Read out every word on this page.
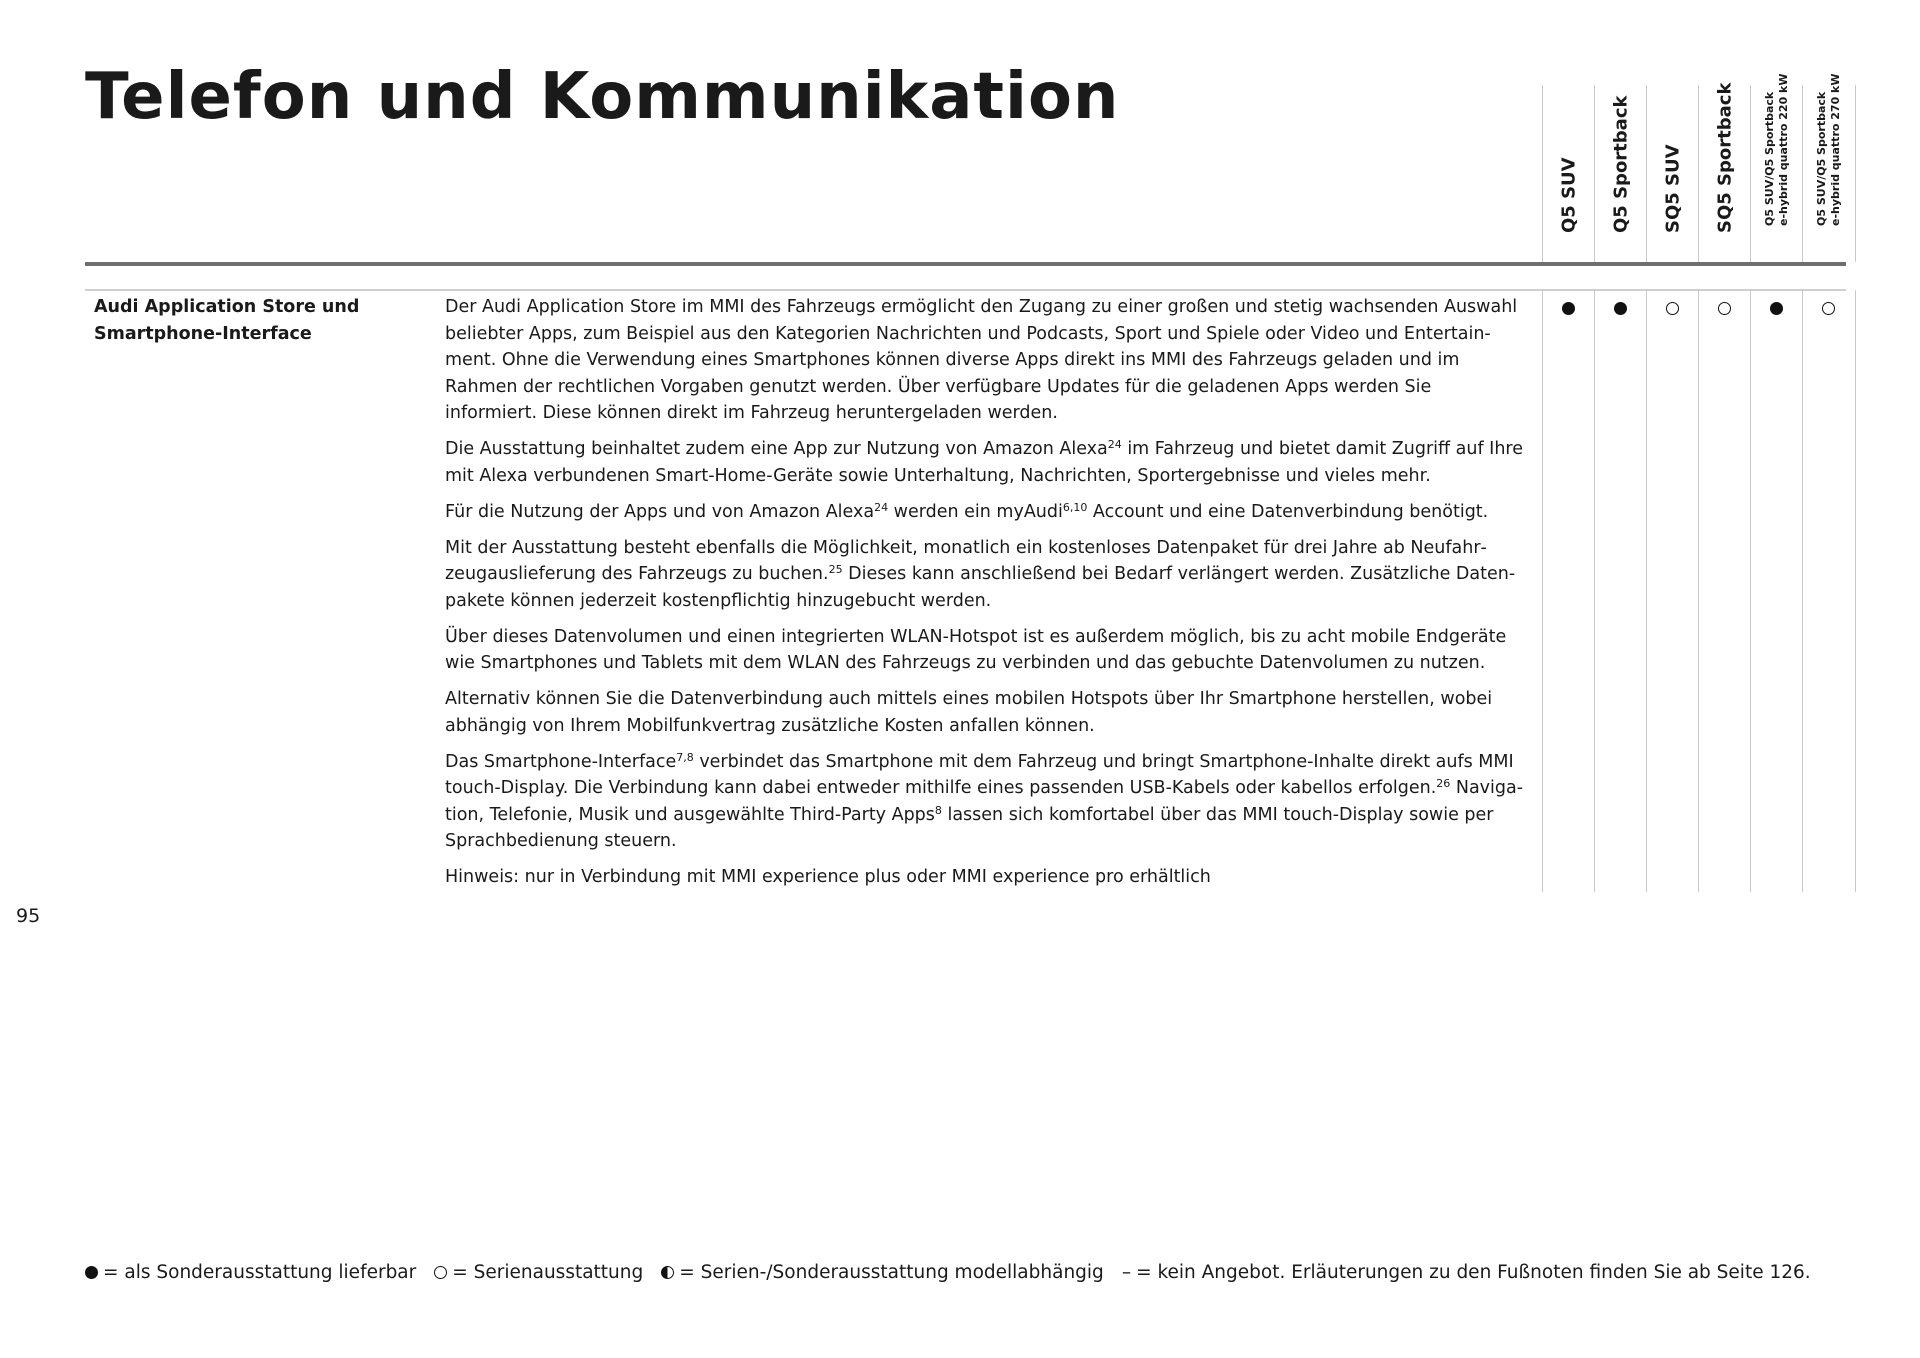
Telefon und Kommunikation
Q5 SUV Q5 Sportback SQ5 SUV SQ5 Sportback	Q5 SUV/Q5 Sportback
e-hybrid quattro 220 kW
Q5 SUV/Q5 Sportback
e-hybrid quattro 270 kW
Audi Application Store und Smartphone-Interface

Der Audi Application Store im MMI des Fahrzeugs ermöglicht den Zugang zu einer großen und stetig wachsenden Auswahl beliebter Apps, zum Beispiel aus den Kategorien Nachrichten und Podcasts, Sport und Spiele oder Video und Entertainment. Ohne die Verwendung eines Smartphones können diverse Apps direkt ins MMI des Fahrzeugs geladen und im Rahmen der rechtlichen Vorgaben genutzt werden. Über verfügbare Updates für die geladenen Apps werden Sie informiert. Diese können direkt im Fahrzeug heruntergeladen werden.

Die Ausstattung beinhaltet zudem eine App zur Nutzung von Amazon Alexa$^{24}$ im Fahrzeug und bietet damit Zugriff auf Ihre mit Alexa verbundenen Smart-Home-Geräte sowie Unterhaltung, Nachrichten, Sportergebnisse und vieles mehr.

Für die Nutzung der Apps und von Amazon Alexa$^{24}$ werden ein myAudi$^{6,10}$ Account und eine Datenverbindung benötigt.

Mit der Ausstattung besteht ebenfalls die Möglichkeit, monatlich ein kostenloses Datenpaket für drei Jahre ab Neufahrzeugauslieferung des Fahrzeugs zu buchen.$^{25}$ Dieses kann anschließend bei Bedarf verlängert werden. Zusätzliche Datenpakete können jederzeit kostenpflichtig hinzugebucht werden.

Über dieses Datenvolumen und einen integrierten WLAN-Hotspot ist es außerdem möglich, bis zu acht mobile Endgeräte wie Smartphones und Tablets mit dem WLAN des Fahrzeugs zu verbinden und das gebuchte Datenvolumen zu nutzen.

Alternativ können Sie die Datenverbindung auch mittels eines mobilen Hotspots über Ihr Smartphone herstellen, wobei abhängig von Ihrem Mobilfunkvertrag zusätzliche Kosten anfallen können.

Das Smartphone-Interface$^{7,8}$ verbindet das Smartphone mit dem Fahrzeug und bringt Smartphone-Inhalte direkt aufs MMI touch-Display. Die Verbindung kann dabei entweder mithilfe eines passenden USB-Kabels oder kabellos erfolgen.$^{26}$ Navigation, Telefonie, Musik und ausgewählte Third-Party Apps$^8$ lassen sich komfortabel über das MMI touch-Display sowie per Sprachbedienung steuern.

Hinweis: nur in Verbindung mit MMI experience plus oder MMI experience pro erhältlich

95
= als Sonderausstattung lieferbar = Serienausstattung = Serien-/Sonderausstattung modellabhängig – = kein Angebot. Erläuterungen zu den Fußnoten finden Sie ab Seite 126.
